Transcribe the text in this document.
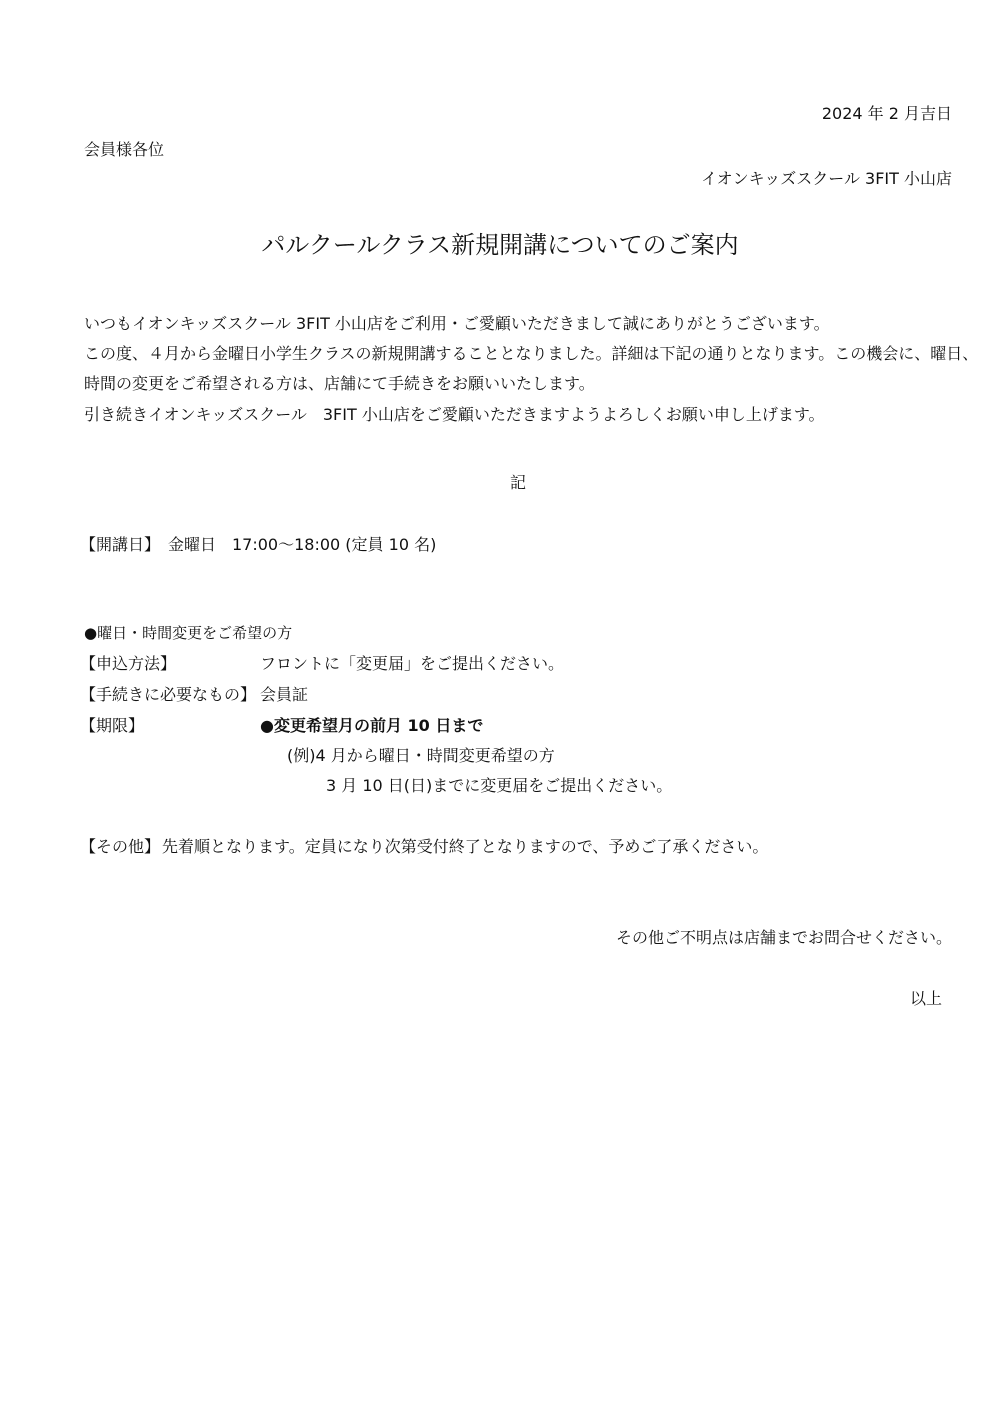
2024 年 2 月吉日
会員様各位
イオンキッズスクール 3FIT 小山店
パルクールクラス新規開講についてのご案内
いつもイオンキッズスクール 3FIT 小山店をご利用・ご愛顧いただきまして誠にありがとうございます。
この度、４月から金曜日小学生クラスの新規開講することとなりました。詳細は下記の通りとなります。この機会に、曜日、
時間の変更をご希望される方は、店舗にて手続きをお願いいたします。
引き続きイオンキッズスクール　3FIT 小山店をご愛顧いただきますようよろしくお願い申し上げます。
記
【開講日】 金曜日　17:00～18:00 (定員 10 名)
●曜日・時間変更をご希望の方
【申込方法】	フロントに「変更届」をご提出ください。
【手続きに必要なもの】 会員証
【期限】	●変更希望月の前月 10 日まで
(例)4 月から曜日・時間変更希望の方
3 月 10 日(日)までに変更届をご提出ください。
【その他】 先着順となります。定員になり次第受付終了となりますので、予めご了承ください。
その他ご不明点は店舗までお問合せください。
以上
